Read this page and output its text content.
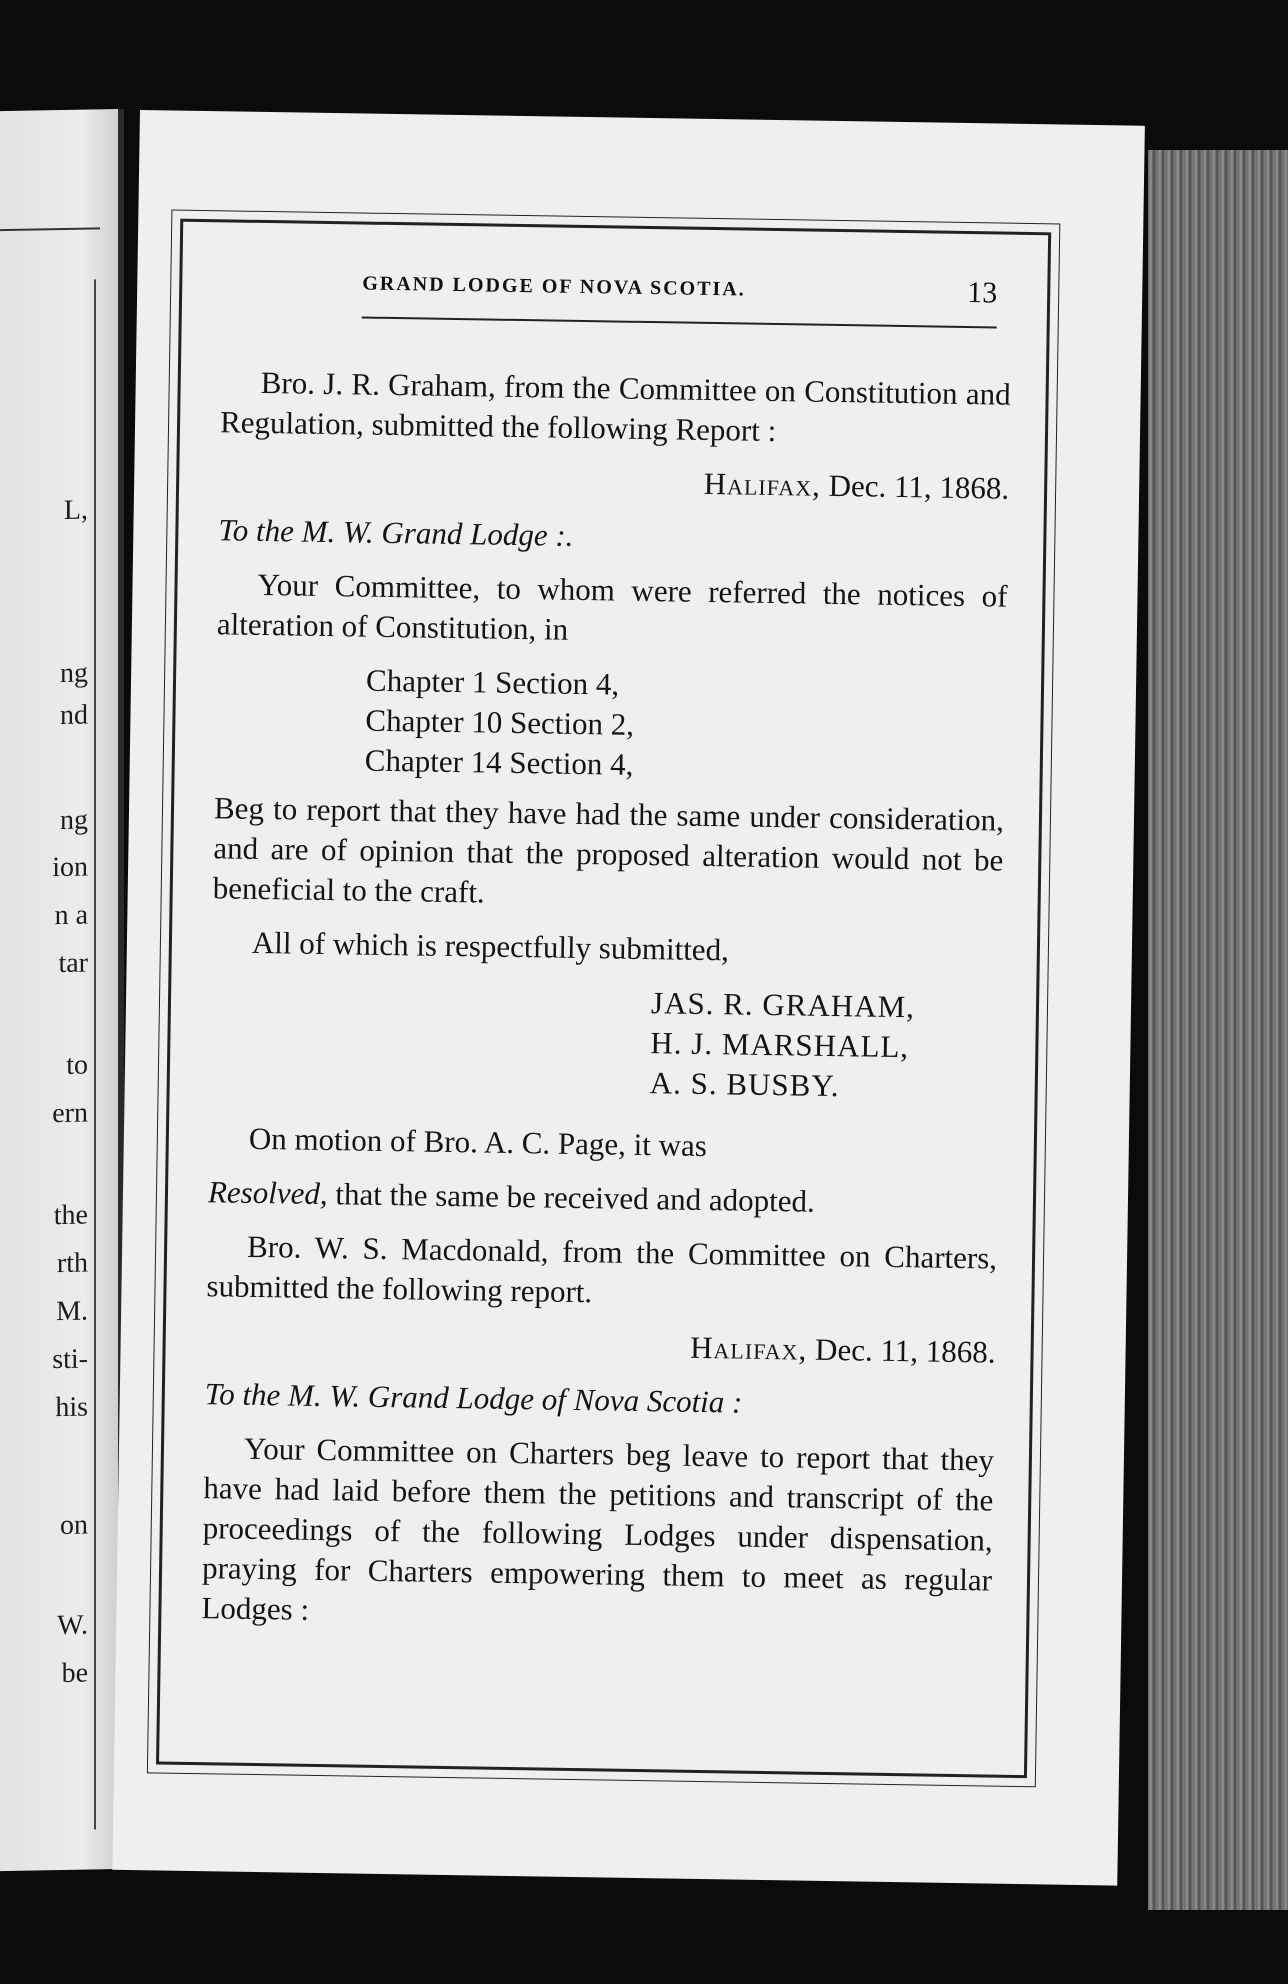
L,
ng
nd
ng
ion
n a
tar
to
ern
the
rth
M.
sti-
his
on
W.
be
GRAND LODGE OF NOVA SCOTIA.	13

Bro. J. R. Graham, from the Committee on Constitution and Regulation, submitted the following Report :

Halifax, Dec. 11, 1868.

To the M. W. Grand Lodge :.

Your Committee, to whom were referred the notices of alteration of Constitution, in

Chapter 1 Section 4,
Chapter 10 Section 2,
Chapter 14 Section 4,

Beg to report that they have had the same under consideration, and are of opinion that the proposed alteration would not be beneficial to the craft.

All of which is respectfully submitted,

JAS. R. GRAHAM,
H. J. MARSHALL,
A. S. BUSBY.

On motion of Bro. A. C. Page, it was

Resolved, that the same be received and adopted.

Bro. W. S. Macdonald, from the Committee on Charters, submitted the following report.

Halifax, Dec. 11, 1868.

To the M. W. Grand Lodge of Nova Scotia :

Your Committee on Charters beg leave to report that they have had laid before them the petitions and transcript of the proceedings of the following Lodges under dispensation, praying for Charters empowering them to meet as regular Lodges :
